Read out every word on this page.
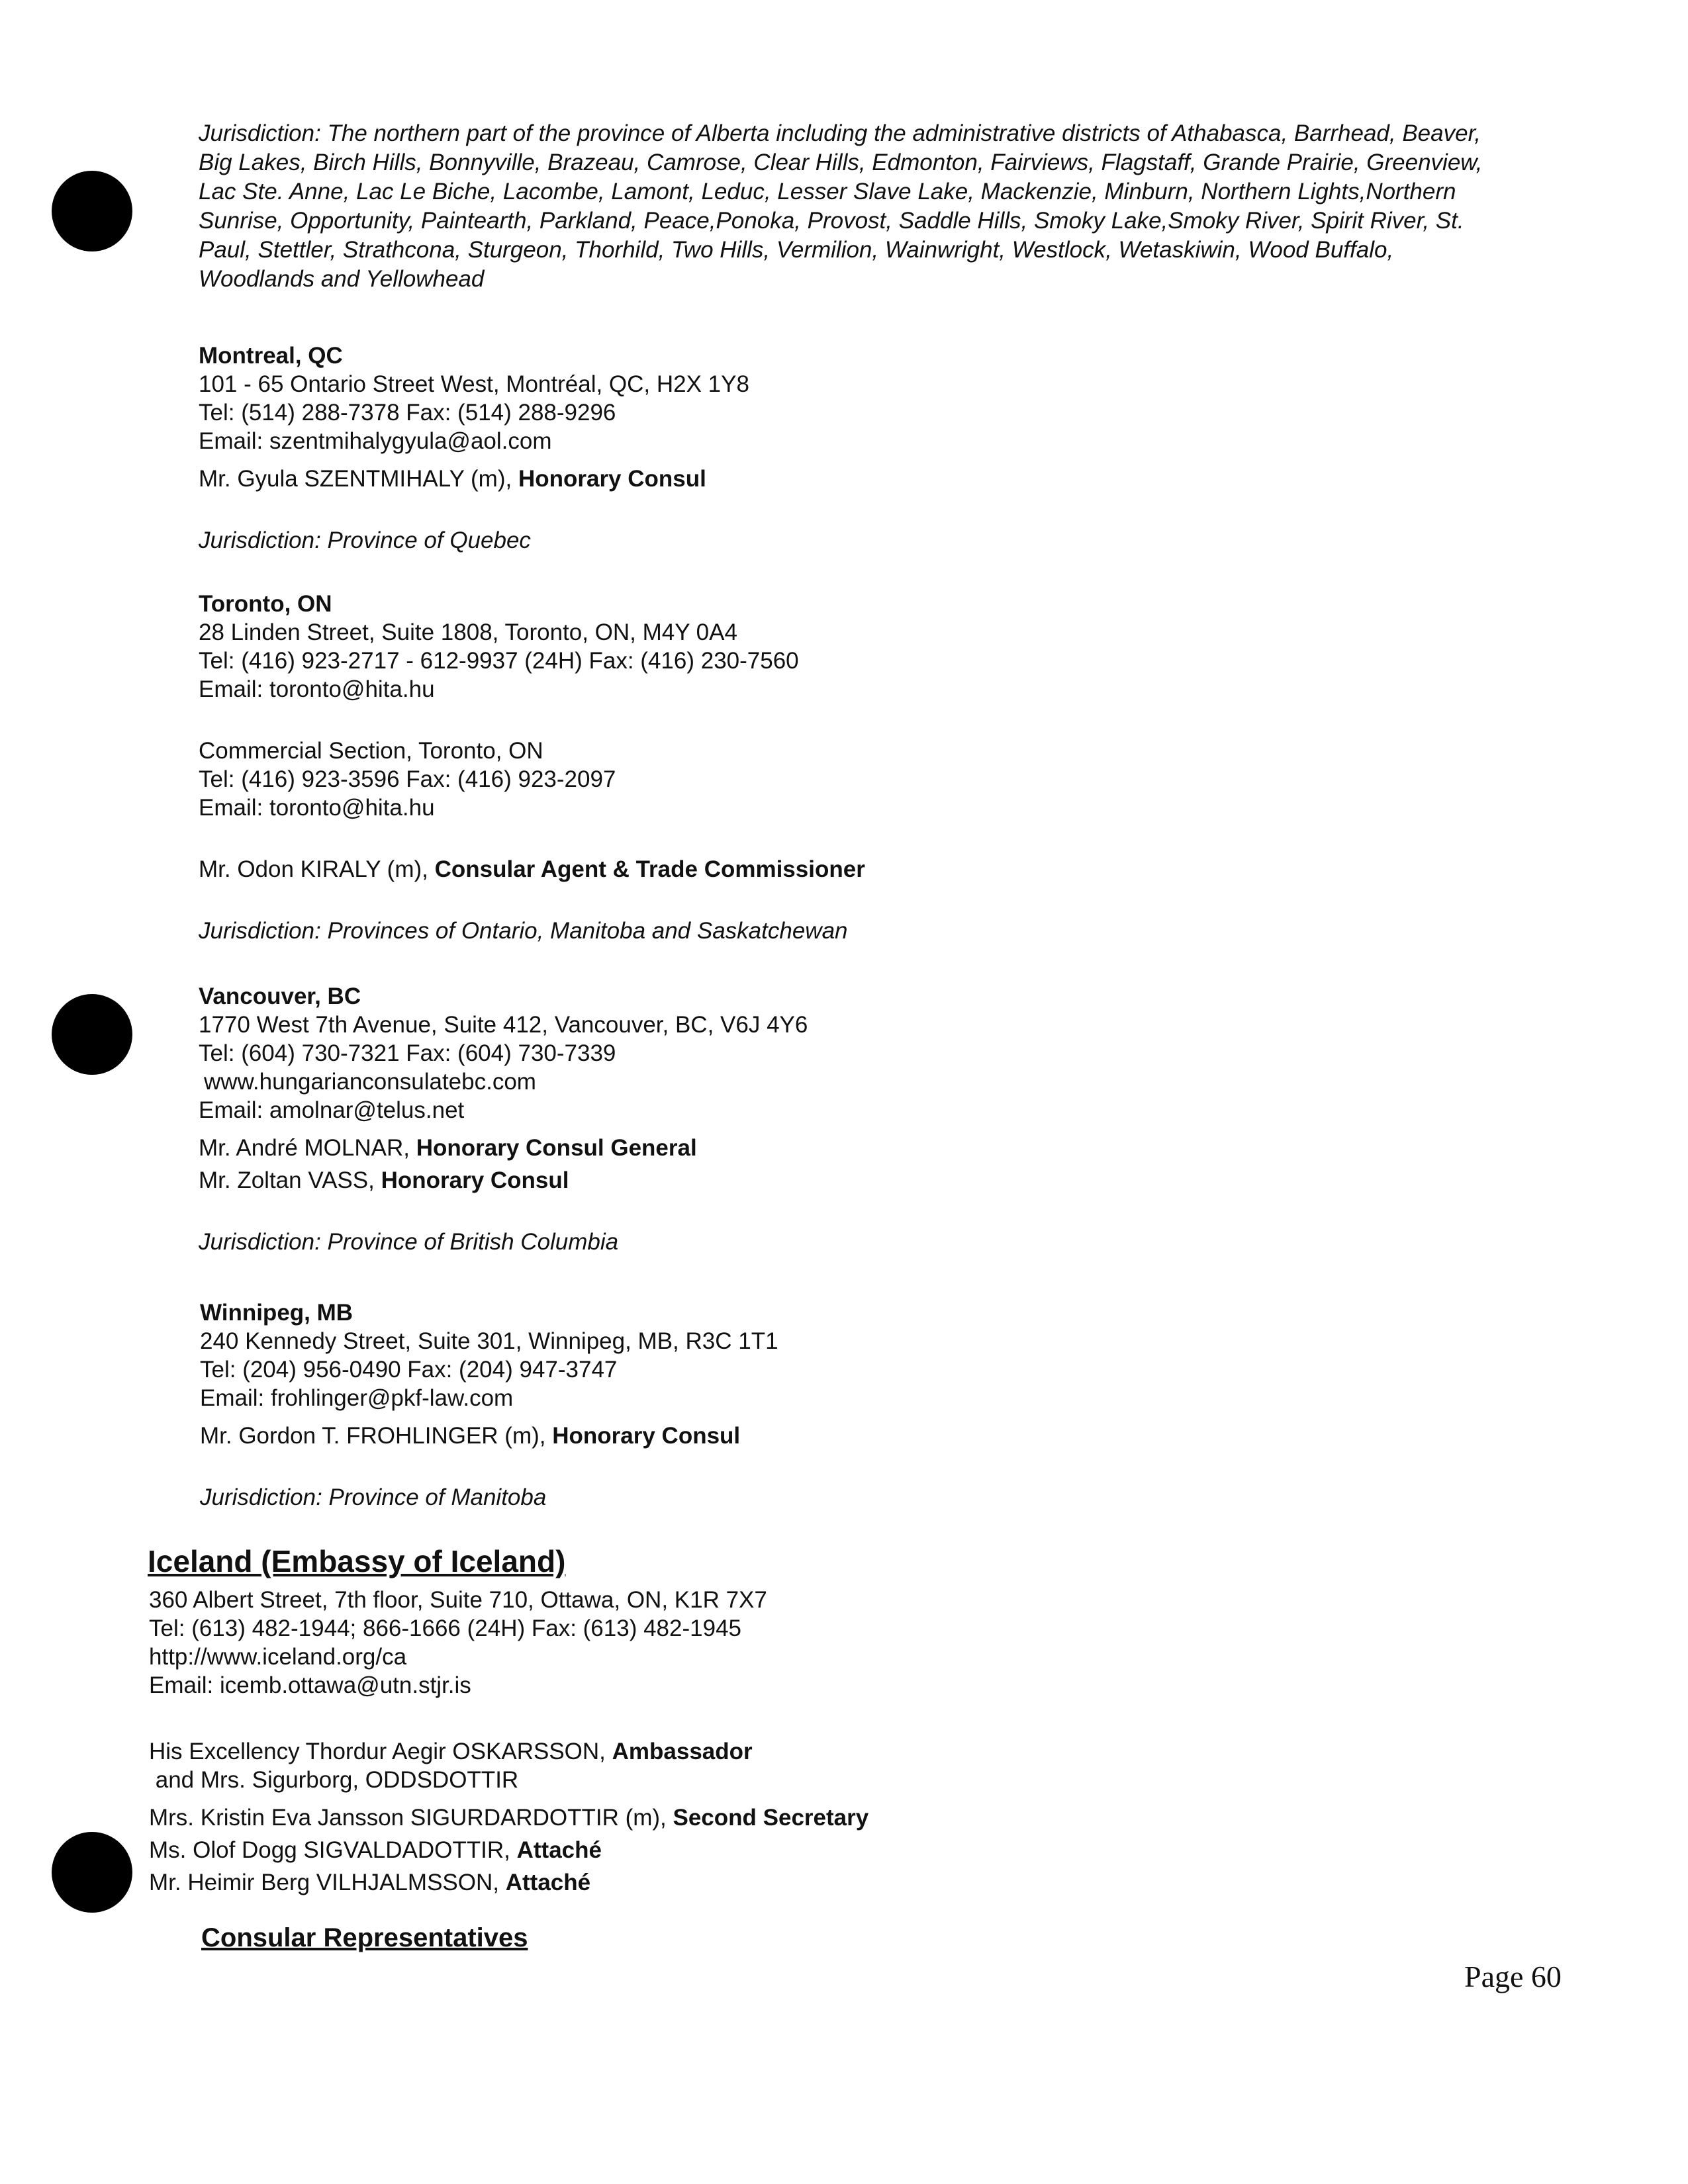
Jurisdiction: The northern part of the province of Alberta including the administrative districts of Athabasca, Barrhead, Beaver, Big Lakes, Birch Hills, Bonnyville, Brazeau, Camrose, Clear Hills, Edmonton, Fairviews, Flagstaff, Grande Prairie, Greenview, Lac Ste. Anne, Lac Le Biche, Lacombe, Lamont, Leduc, Lesser Slave Lake, Mackenzie, Minburn, Northern Lights,Northern Sunrise, Opportunity, Paintearth, Parkland, Peace,Ponoka, Provost, Saddle Hills, Smoky Lake,Smoky River, Spirit River, St. Paul, Stettler, Strathcona, Sturgeon, Thorhild, Two Hills, Vermilion, Wainwright, Westlock, Wetaskiwin, Wood Buffalo, Woodlands and Yellowhead
Montreal, QC
101 - 65 Ontario Street West, Montréal, QC, H2X 1Y8
Tel: (514) 288-7378 Fax: (514) 288-9296
Email: szentmihalygyula@aol.com
Mr. Gyula SZENTMIHALY (m), Honorary Consul
Jurisdiction: Province of Quebec
Toronto, ON
28 Linden Street, Suite 1808, Toronto, ON, M4Y 0A4
Tel: (416) 923-2717 - 612-9937 (24H) Fax: (416) 230-7560
Email: toronto@hita.hu
Commercial Section, Toronto, ON
Tel: (416) 923-3596 Fax: (416) 923-2097
Email: toronto@hita.hu
Mr. Odon KIRALY (m), Consular Agent & Trade Commissioner
Jurisdiction: Provinces of Ontario, Manitoba and Saskatchewan
Vancouver, BC
1770 West 7th Avenue, Suite 412, Vancouver, BC, V6J 4Y6
Tel: (604) 730-7321 Fax: (604) 730-7339
www.hungarianconsulatebc.com
Email: amolnar@telus.net
Mr. André MOLNAR, Honorary Consul General
Mr. Zoltan VASS, Honorary Consul
Jurisdiction: Province of British Columbia
Winnipeg, MB
240 Kennedy Street, Suite 301, Winnipeg, MB, R3C 1T1
Tel: (204) 956-0490 Fax: (204) 947-3747
Email: frohlinger@pkf-law.com
Mr. Gordon T. FROHLINGER (m), Honorary Consul
Jurisdiction: Province of Manitoba
Iceland (Embassy of Iceland)
360 Albert Street, 7th floor, Suite 710, Ottawa, ON, K1R 7X7
Tel: (613) 482-1944; 866-1666 (24H) Fax: (613) 482-1945
http://www.iceland.org/ca
Email: icemb.ottawa@utn.stjr.is
His Excellency Thordur Aegir OSKARSSON, Ambassador
and Mrs. Sigurborg, ODDSDOTTIR
Mrs. Kristin Eva Jansson SIGURDARDOTTIR (m), Second Secretary
Ms. Olof Dogg SIGVALDADOTTIR, Attaché
Mr. Heimir Berg VILHJALMSSON, Attaché
Consular Representatives
Page 60
